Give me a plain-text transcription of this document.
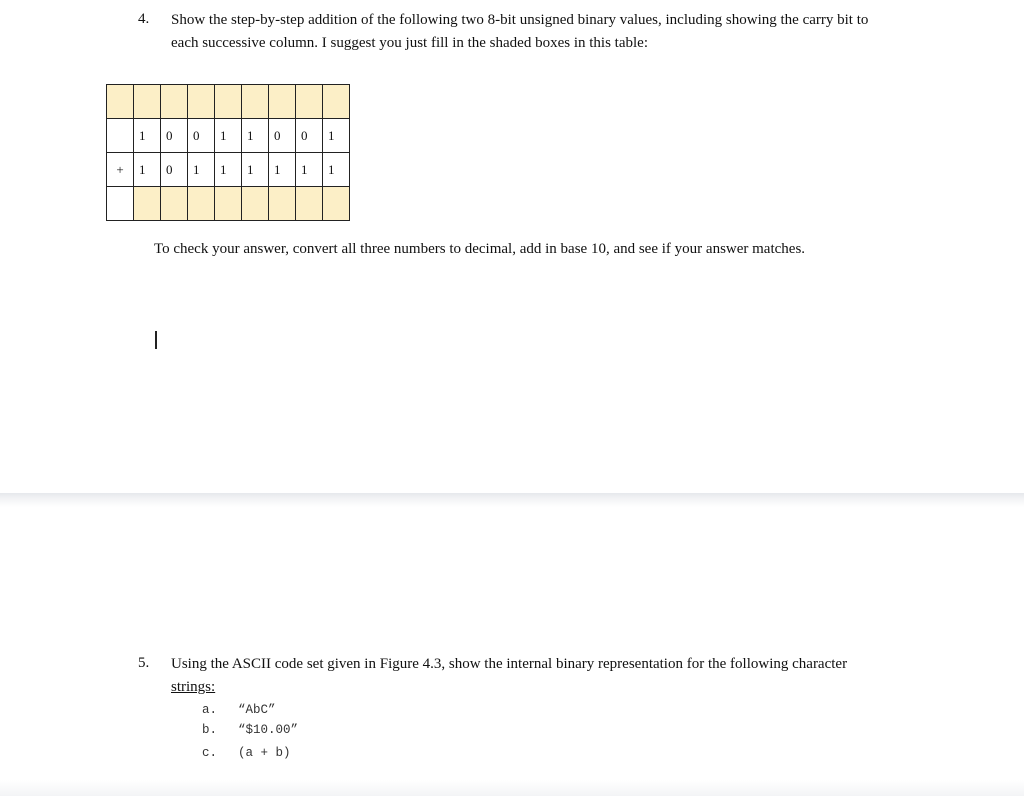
4. Show the step-by-step addition of the following two 8-bit unsigned binary values, including showing the carry bit to
each successive column. I suggest you just fill in the shaded boxes in this table:

	1	0	0	1	1	0	0	1
+	1	0	1	1	1	1	1	1

To check your answer, convert all three numbers to decimal, add in base 10, and see if your answer matches.
5. Using the ASCII code set given in Figure 4.3, show the internal binary representation for the following character
strings:
a. “AbC”
b. “$10.00”
c. (a + b)
